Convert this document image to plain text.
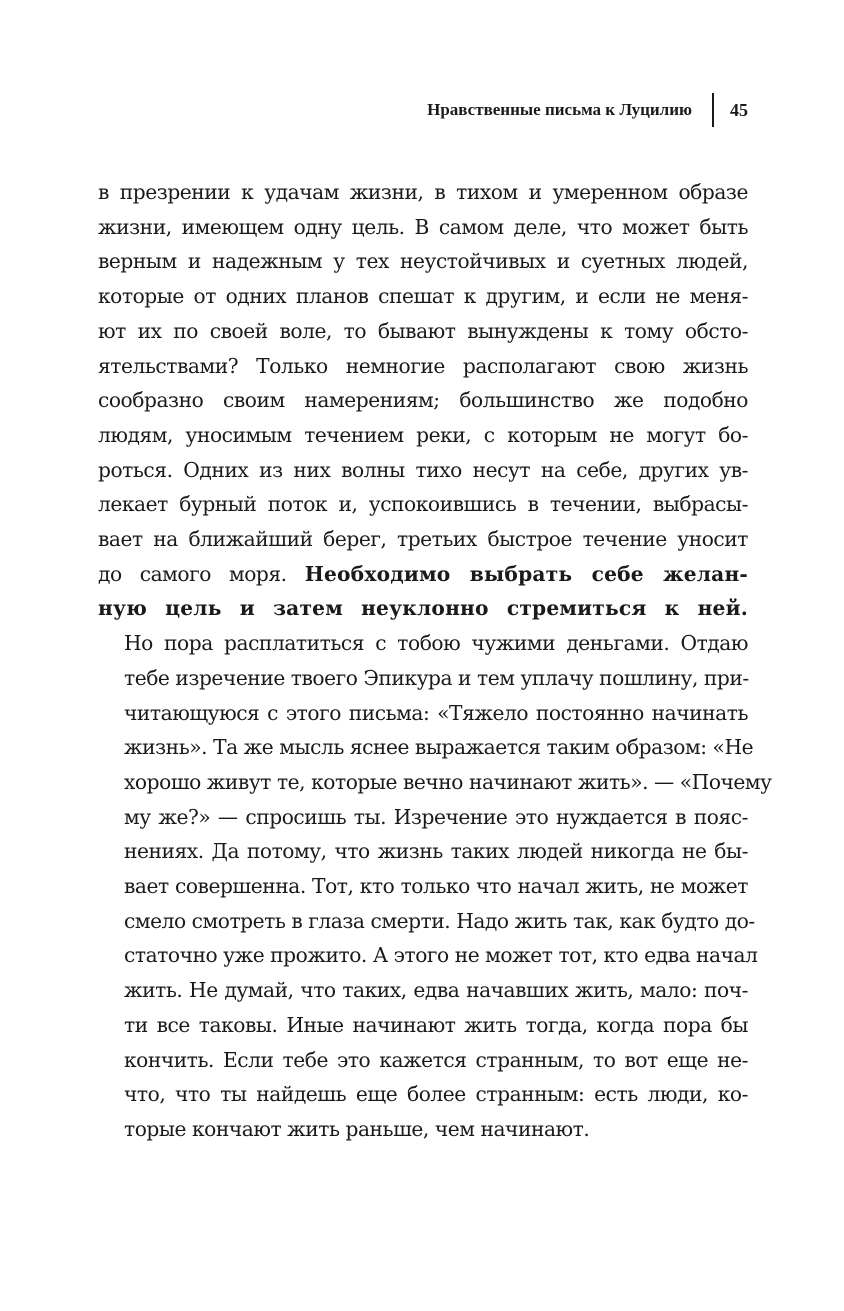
Нравственные письма к Луцилию 45

в презрении к удачам жизни, в тихом и умеренном образе
жизни, имеющем одну цель. В самом деле, что может быть
верным и надежным у тех неустойчивых и суетных людей,
которые от одних планов спешат к другим, и если не меня-
ют их по своей воле, то бывают вынуждены к тому обсто-
ятельствами? Только немногие располагают свою жизнь
сообразно своим намерениям; большинство же подобно
людям, уносимым течением реки, с которым не могут бо-
роться. Одних из них волны тихо несут на себе, других ув-
лекает бурный поток и, успокоившись в течении, выбрасы-
вает на ближайший берег, третьих быстрое течение уносит
до самого моря. Необходимо выбрать себе желан-
ную цель и затем неуклонно стремиться к ней.

Но пора расплатиться с тобою чужими деньгами. Отдаю
тебе изречение твоего Эпикура и тем уплачу пошлину, при-
читающуюся с этого письма: «Тяжело постоянно начинать
жизнь». Та же мысль яснее выражается таким образом: «Не
хорошо живут те, которые вечно начинают жить». — «Почему
му же?» — спросишь ты. Изречение это нуждается в пояс-
нениях. Да потому, что жизнь таких людей никогда не бы-
вает совершенна. Тот, кто только что начал жить, не может
смело смотреть в глаза смерти. Надо жить так, как будто до-
статочно уже прожито. А этого не может тот, кто едва начал
жить. Не думай, что таких, едва начавших жить, мало: поч-
ти все таковы. Иные начинают жить тогда, когда пора бы
кончить. Если тебе это кажется странным, то вот еще не-
что, что ты найдешь еще более странным: есть люди, ко-
торые кончают жить раньше, чем начинают.
